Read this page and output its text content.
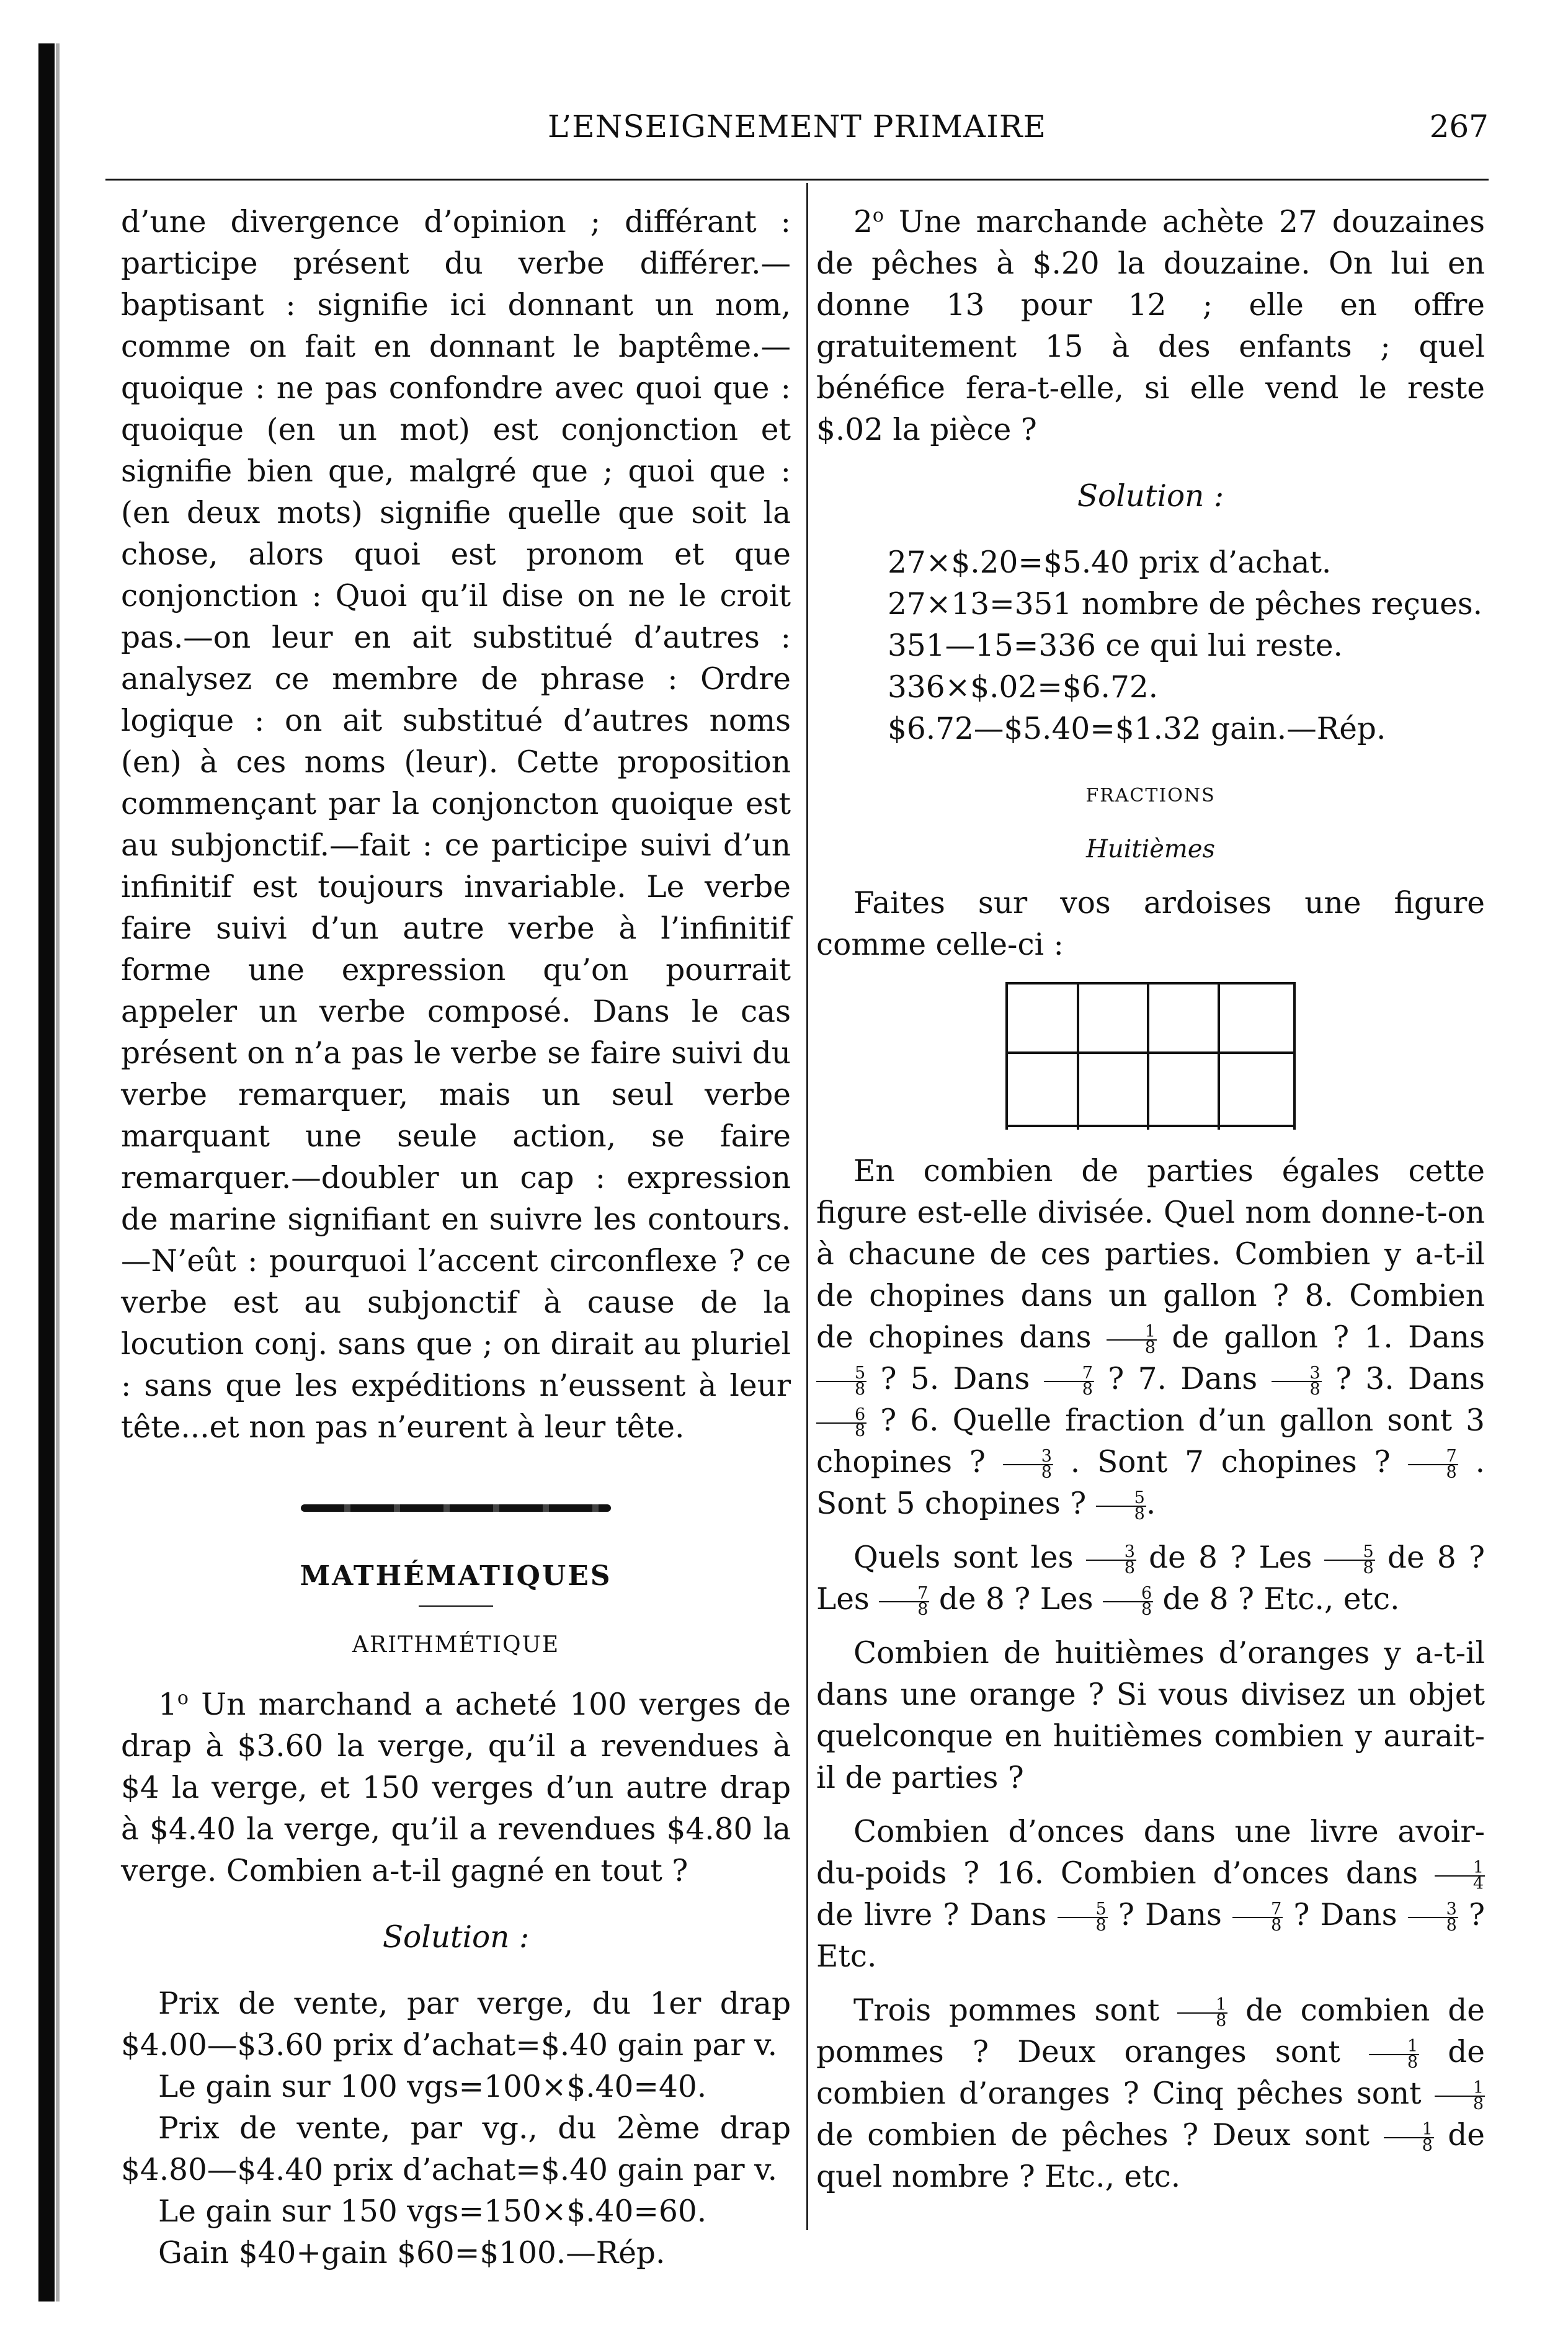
L’ENSEIGNEMENT PRIMAIRE	267

d’une divergence d’opinion ; différant : participe présent du verbe différer.—baptisant : signifie ici donnant un nom, comme on fait en donnant le baptême.—quoique : ne pas confondre avec quoi que : quoique (en un mot) est conjonction et signifie bien que, malgré que ; quoi que : (en deux mots) signifie quelle que soit la chose, alors quoi est pronom et que conjonction : Quoi qu’il dise on ne le croit pas.—on leur en ait substitué d’autres : analysez ce membre de phrase : Ordre logique : on ait substitué d’autres noms (en) à ces noms (leur). Cette proposition commençant par la conjoncton quoique est au subjonctif.—fait : ce participe suivi d’un infinitif est toujours invariable. Le verbe faire suivi d’un autre verbe à l’infinitif forme une expression qu’on pourrait appeler un verbe composé. Dans le cas présent on n’a pas le verbe se faire suivi du verbe remarquer, mais un seul verbe marquant une seule action, se faire remarquer.—doubler un cap : expression de marine signifiant en suivre les contours.—N’eût : pourquoi l’accent circonflexe ? ce verbe est au subjonctif à cause de la locution conj. sans que ; on dirait au pluriel : sans que les expéditions n’eussent à leur tête...et non pas n’eurent à leur tête.

MATHÉMATIQUES

ARITHMÉTIQUE

1$^o$ Un marchand a acheté 100 verges de drap à $3.60 la verge, qu’il a revendues à $4 la verge, et 150 verges d’un autre drap à $4.40 la verge, qu’il a revendues $4.80 la verge. Combien a-t-il gagné en tout ?

Solution :

Prix de vente, par verge, du 1er drap $4.00—$3.60 prix d’achat=$.40 gain par v.

Le gain sur 100 vgs=100×$.40=40.

Prix de vente, par vg., du 2ème drap $4.80—$4.40 prix d’achat=$.40 gain par v.

Le gain sur 150 vgs=150×$.40=60.

Gain $40+gain $60=$100.—Rép.

2$^o$ Une marchande achète 27 douzaines de pêches à $.20 la douzaine. On lui en donne 13 pour 12 ; elle en offre gratuitement 15 à des enfants ; quel bénéfice fera-t-elle, si elle vend le reste $.02 la pièce ?

Solution :

27×$.20=$5.40 prix d’achat.

27×13=351 nombre de pêches reçues.

351—15=336 ce qui lui reste.

336×$.02=$6.72.

$6.72—$5.40=$1.32 gain.—Rép.

FRACTIONS

Huitièmes

Faites sur vos ardoises une figure comme celle-ci :

En combien de parties égales cette figure est-elle divisée. Quel nom donne-t-on à chacune de ces parties. Combien y a-t-il de chopines dans un gallon ? 8. Combien de chopines dans $\frac{1}{8}$ de gallon ? 1. Dans
$\frac{5}{8}$ ? 5. Dans $\frac{7}{8}$ ? 7. Dans $\frac{3}{8}$ ? 3. Dans
$\frac{6}{8}$ ? 6. Quelle fraction d’un gallon sont 3 chopines ? $\frac{3}{8}$ . Sont 7 chopines ? $\frac{7}{8}$ . Sont 5 chopines ? $\frac{5}{8}$ .

Quels sont les $\frac{3}{8}$ de 8 ? Les $\frac{5}{8}$ de 8 ? Les $\frac{7}{8}$ de 8 ? Les $\frac{6}{8}$ de 8 ? Etc., etc.

Combien de huitièmes d’oranges y a-t-il dans une orange ? Si vous divisez un objet quelconque en huitièmes combien y aurait-il de parties ?

Combien d’onces dans une livre avoir-du-poids ? 16. Combien d’onces dans $\frac{1}{4}$
de livre ? Dans $\frac{5}{8}$ ? Dans $\frac{7}{8}$ ? Dans $\frac{3}{8}$ ? Etc.

Trois pommes sont $\frac{1}{8}$ de combien de pommes ? Deux oranges sont $\frac{1}{8}$ de combien d’oranges ? Cinq pêches sont $\frac{1}{8}$
de combien de pêches ? Deux sont $\frac{1}{8}$ de quel nombre ? Etc., etc.
